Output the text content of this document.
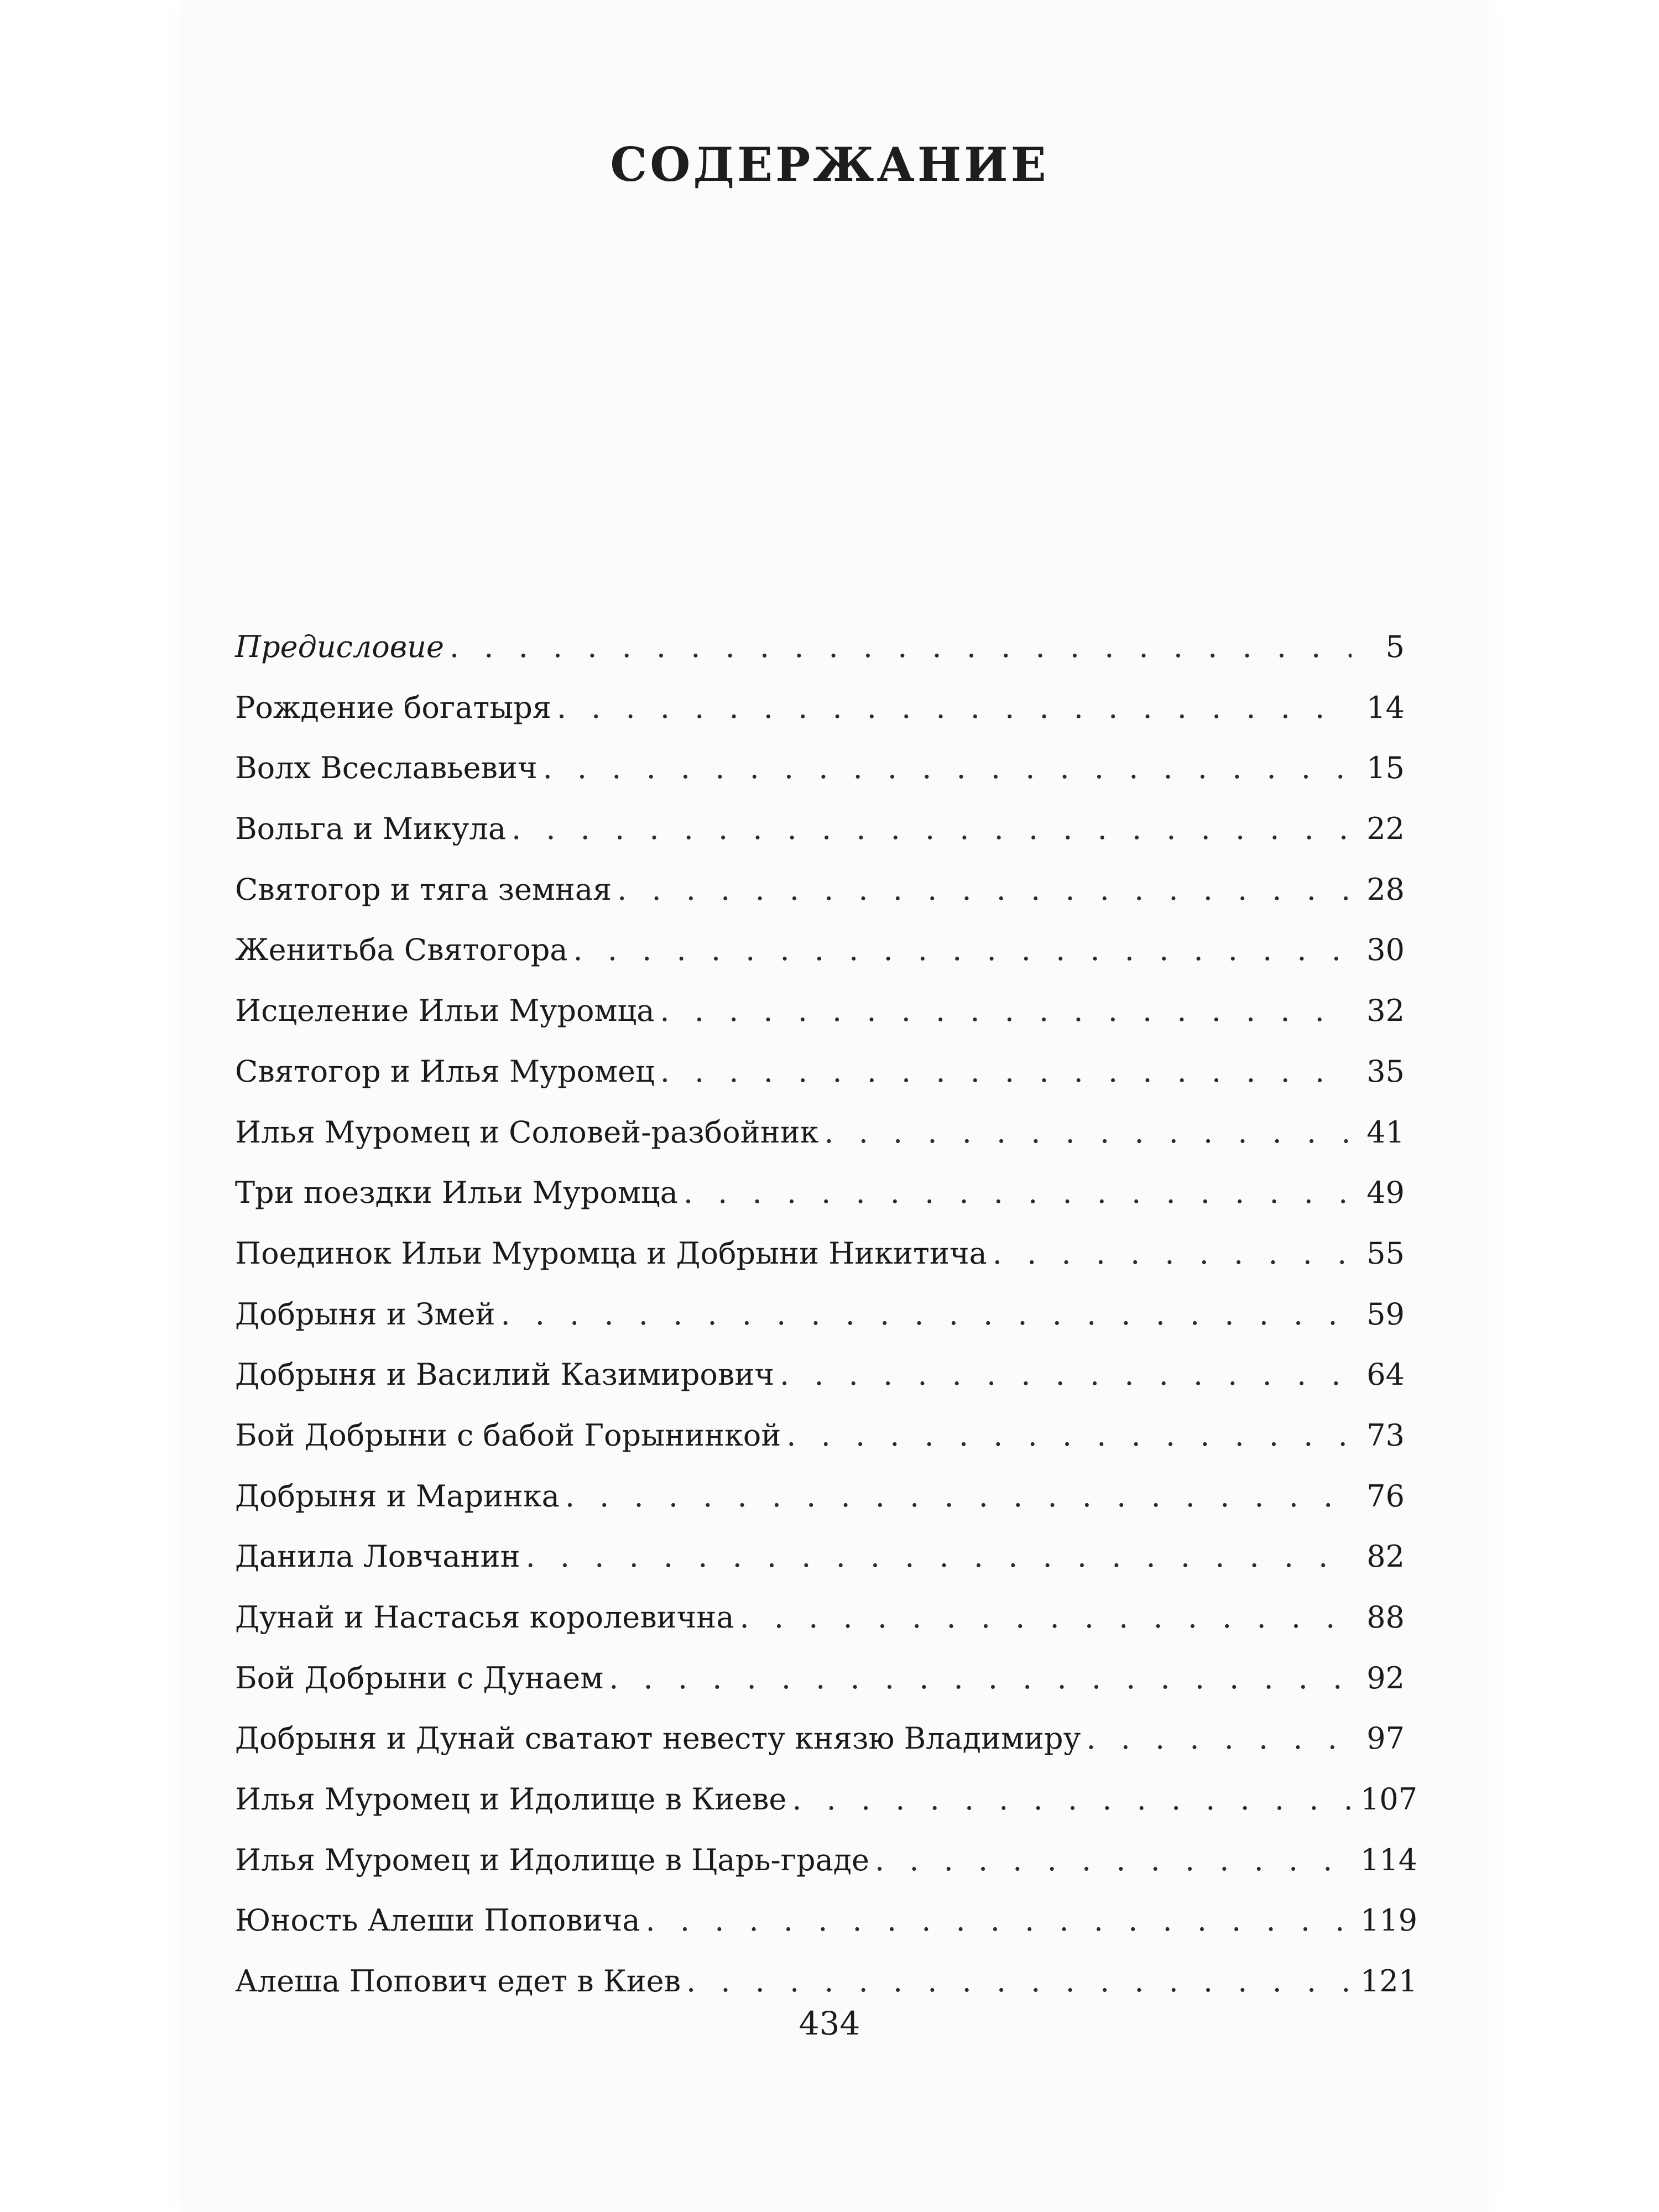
СОДЕРЖАНИЕ
Предисловие . . .	5
Рождение богатыря . . .	14
Волх Всеславьевич . . .	15
Вольга и Микула . . .	22
Святогор и тяга земная . . .	28
Женитьба Святогора . . .	30
Исцеление Ильи Муромца . . .	32
Святогор и Илья Муромец . . .	35
Илья Муромец и Соловей-разбойник . . .	41
Три поездки Ильи Муромца . . .	49
Поединок Ильи Муромца и Добрыни Никитича . . .	55
Добрыня и Змей . . .	59
Добрыня и Василий Казимирович . . .	64
Бой Добрыни с бабой Горынинкой . . .	73
Добрыня и Маринка . . .	76
Данила Ловчанин . . .	82
Дунай и Настасья королевична . . .	88
Бой Добрыни с Дунаем . . .	92
Добрыня и Дунай сватают невесту князю Владимиру . . .	97
Илья Муромец и Идолище в Киеве . . .	107
Илья Муромец и Идолище в Царь-граде . . .	114
Юность Алеши Поповича . . .	119
Алеша Попович едет в Киев . . .	121
434
